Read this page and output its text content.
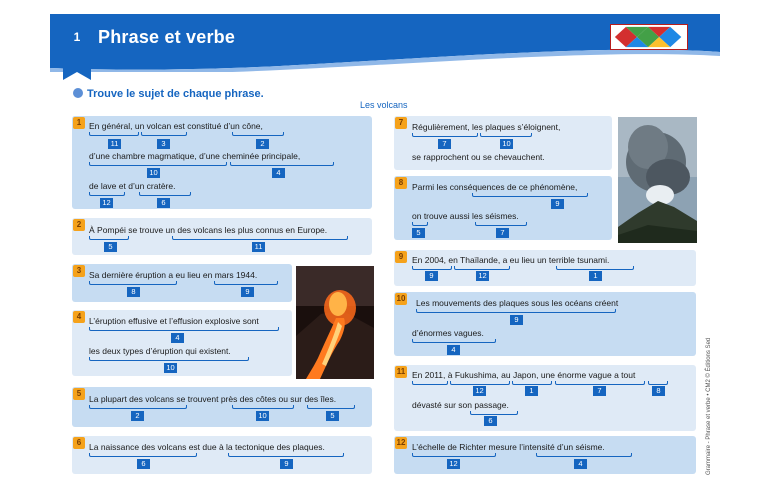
1 Phrase et verbe
Trouve le sujet de chaque phrase.
Les volcans
1 En général, un volcan est constitué d’un cône,
11	3	2
d’une chambre magmatique, d’une cheminée principale,
10	4
de lave et d’un cratère.
12	6
2
À Pompéi se trouve un des volcans les plus connus en Europe.
5	11
3 Sa dernière éruption a eu lieu en mars 1944.
8	9
4 L’éruption effusive et l’effusion explosive sont
4
les deux types d’éruption qui existent.
10
5
La plupart des volcans se trouvent près des côtes ou sur des îles.
2	10	5
6 La naissance des volcans est due à la tectonique des plaques.
6	9
7	Régulièrement, les plaques s’éloignent,
7	10
se rapprochent ou se chevauchent.
8	Parmi les conséquences de ce phénomène,
9
on trouve aussi les séismes.
5	7
9	En 2004, en Thaïlande, a eu lieu un terrible tsunami.
9	12	1
10 Les mouvements des plaques sous les océans créent
9
d’énormes vagues.
4
11 En 2011, à Fukushima, au Japon, une énorme vague a tout
12	1	7	8
dévasté sur son passage.
6
12 L’échelle de Richter mesure l’intensité d’un séisme.
12	4	Grammaire - Phrase et verbe • CM2 © Éditions Sed
